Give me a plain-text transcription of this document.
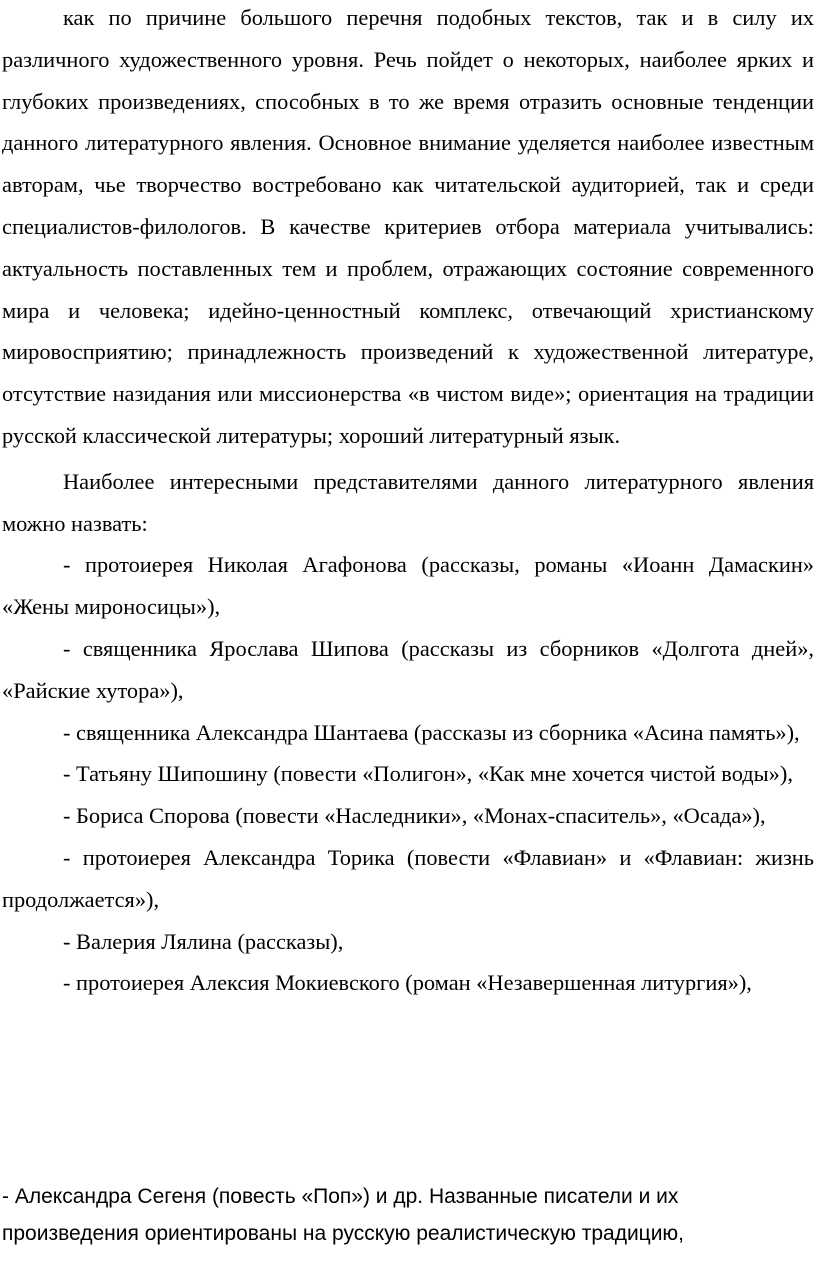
как по причине большого перечня подобных текстов, так и в силу их различного художественного уровня. Речь пойдет о некоторых, наиболее ярких и глубоких произведениях, способных в то же время отразить основные тенденции данного литературного явления. Основное внимание уделяется наиболее известным авторам, чье творчество востребовано как читательской аудиторией, так и среди специалистов-филологов. В качестве критериев отбора материала учитывались: актуальность поставленных тем и проблем, отражающих состояние современного мира и человека; идейно-ценностный комплекс, отвечающий христианскому мировосприятию; принадлежность произведений к художественной литературе, отсутствие назидания или миссионерства «в чистом виде»; ориентация на традиции русской классической литературы; хороший литературный язык.

Наиболее интересными представителями данного литературного явления можно назвать:

- протоиерея Николая Агафонова (рассказы, романы «Иоанн Дамаскин» «Жены мироносицы»),

- священника Ярослава Шипова (рассказы из сборников «Долгота дней», «Райские хутора»),

- священника Александра Шантаева (рассказы из сборника «Асина память»),

- Татьяну Шипошину (повести «Полигон», «Как мне хочется чистой воды»),

- Бориса Спорова (повести «Наследники», «Монах-спаситель», «Осада»),

- протоиерея Александра Торика (повести «Флавиан» и «Флавиан: жизнь продолжается»),

- Валерия Лялина (рассказы),

- протоиерея Алексия Мокиевского (роман «Незавершенная литургия»),

- Александра Сегеня (повесть «Поп») и др. Названные писатели и их произведения ориентированы на русскую реалистическую традицию,
